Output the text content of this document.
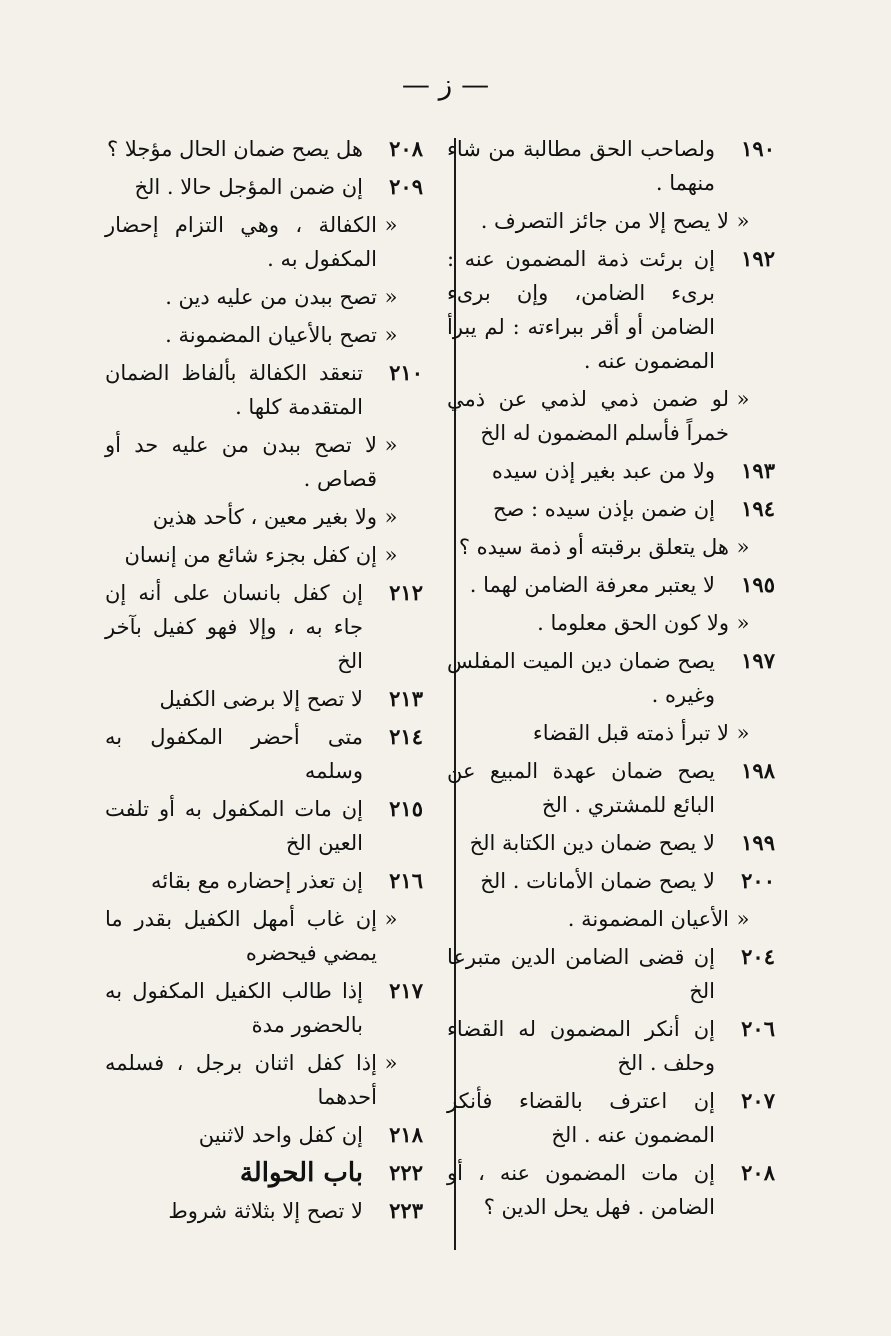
— ز —
١٩٠
ولصاحب الحق مطالبة من شاء منهما .
«
لا يصح إلا من جائز التصرف .
١٩٢
إن برئت ذمة المضمون عنه : برىء الضامن، وإن برىء الضامن أو أقر ببراءته : لم يبرأ المضمون عنه .
«
لو ضمن ذمي لذمي عن ذمي خمراً فأسلم المضمون له الخ
١٩٣
ولا من عبد بغير إذن سيده
١٩٤
إن ضمن بإذن سيده : صح
«
هل يتعلق برقبته أو ذمة سيده ؟
١٩٥
لا يعتبر معرفة الضامن لهما .
«
ولا كون الحق معلوما .
١٩٧
يصح ضمان دين الميت المفلس وغيره .
«
لا تبرأ ذمته قبل القضاء
١٩٨
يصح ضمان عهدة المبيع عن البائع للمشتري . الخ
١٩٩
لا يصح ضمان دين الكتابة الخ
٢٠٠
لا يصح ضمان الأمانات . الخ
«
الأعيان المضمونة .
٢٠٤
إن قضى الضامن الدين متبرعا الخ
٢٠٦
إن أنكر المضمون له القضاء وحلف . الخ
٢٠٧
إن اعترف بالقضاء فأنكر المضمون عنه . الخ
٢٠٨
إن مات المضمون عنه ، أو الضامن . فهل يحل الدين ؟
٢٠٨
هل يصح ضمان الحال مؤجلا ؟
٢٠٩
إن ضمن المؤجل حالا . الخ
«
الكفالة ، وهي التزام إحضار المكفول به .
«
تصح ببدن من عليه دين .
«
تصح بالأعيان المضمونة .
٢١٠
تنعقد الكفالة بألفاظ الضمان المتقدمة كلها .
«
لا تصح ببدن من عليه حد أو قصاص .
«
ولا بغير معين ، كأحد هذين
«
إن كفل بجزء شائع من إنسان
٢١٢
إن كفل بانسان على أنه إن جاء به ، وإلا فهو كفيل بآخر الخ
٢١٣
لا تصح إلا برضى الكفيل
٢١٤
متى أحضر المكفول به وسلمه
٢١٥
إن مات المكفول به أو تلفت العين الخ
٢١٦
إن تعذر إحضاره مع بقائه
«
إن غاب أمهل الكفيل بقدر ما يمضي فيحضره
٢١٧
إذا طالب الكفيل المكفول به بالحضور مدة
«
إذا كفل اثنان برجل ، فسلمه أحدهما
٢١٨
إن كفل واحد لاثنين
٢٢٢
باب الحوالة
٢٢٣
لا تصح إلا بثلاثة شروط
